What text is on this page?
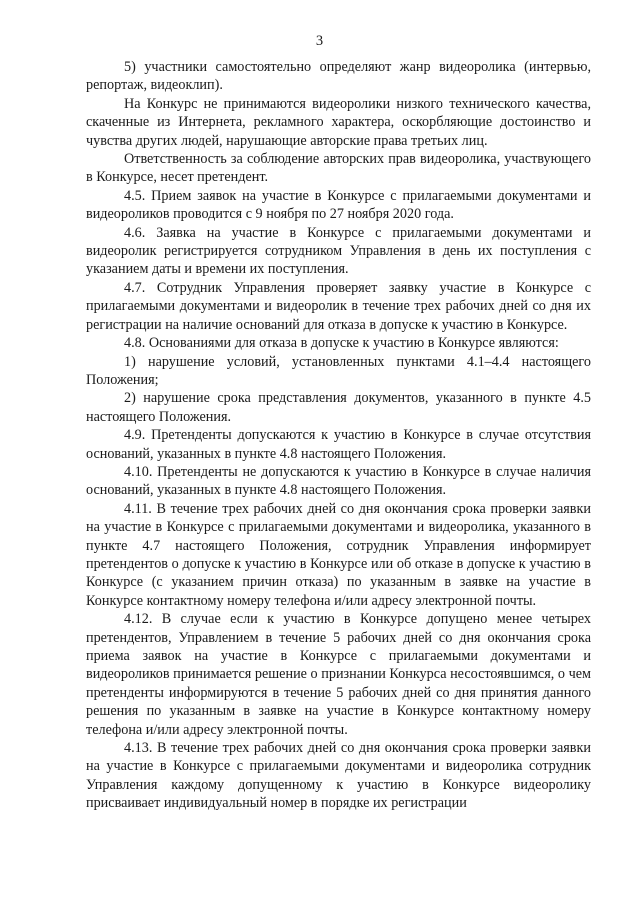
3

5) участники самостоятельно определяют жанр видеоролика (интервью, репортаж, видеоклип).

На Конкурс не принимаются видеоролики низкого технического качества, скаченные из Интернета, рекламного характера, оскорбляющие достоинство и чувства других людей, нарушающие авторские права третьих лиц.

Ответственность за соблюдение авторских прав видеоролика, участвующего в Конкурсе, несет претендент.

4.5. Прием заявок на участие в Конкурсе с прилагаемыми документами и видеороликов проводится с 9 ноября по 27 ноября 2020 года.

4.6. Заявка на участие в Конкурсе с прилагаемыми документами и видеоролик регистрируется сотрудником Управления в день их поступления с указанием даты и времени их поступления.

4.7. Сотрудник Управления проверяет заявку участие в Конкурсе с прилагаемыми документами и видеоролик в течение трех рабочих дней со дня их регистрации на наличие оснований для отказа в допуске к участию в Конкурсе.

4.8. Основаниями для отказа в допуске к участию в Конкурсе являются:

1) нарушение условий, установленных пунктами 4.1–4.4 настоящего Положения;

2) нарушение срока представления документов, указанного в пункте 4.5 настоящего Положения.

4.9. Претенденты допускаются к участию в Конкурсе в случае отсутствия оснований, указанных в пункте 4.8 настоящего Положения.

4.10. Претенденты не допускаются к участию в Конкурсе в случае наличия оснований, указанных в пункте 4.8 настоящего Положения.

4.11. В течение трех рабочих дней со дня окончания срока проверки заявки на участие в Конкурсе с прилагаемыми документами и видеоролика, указанного в пункте 4.7 настоящего Положения, сотрудник Управления информирует претендентов о допуске к участию в Конкурсе или об отказе в допуске к участию в Конкурсе (с указанием причин отказа) по указанным в заявке на участие в Конкурсе контактному номеру телефона и/или адресу электронной почты.

4.12. В случае если к участию в Конкурсе допущено менее четырех претендентов, Управлением в течение 5 рабочих дней со дня окончания срока приема заявок на участие в Конкурсе с прилагаемыми документами и видеороликов принимается решение о признании Конкурса несостоявшимся, о чем претенденты информируются в течение 5 рабочих дней со дня принятия данного решения по указанным в заявке на участие в Конкурсе контактному номеру телефона и/или адресу электронной почты.

4.13. В течение трех рабочих дней со дня окончания срока проверки заявки на участие в Конкурсе с прилагаемыми документами и видеоролика сотрудник Управления каждому допущенному к участию в Конкурсе видеоролику присваивает индивидуальный номер в порядке их регистрации
